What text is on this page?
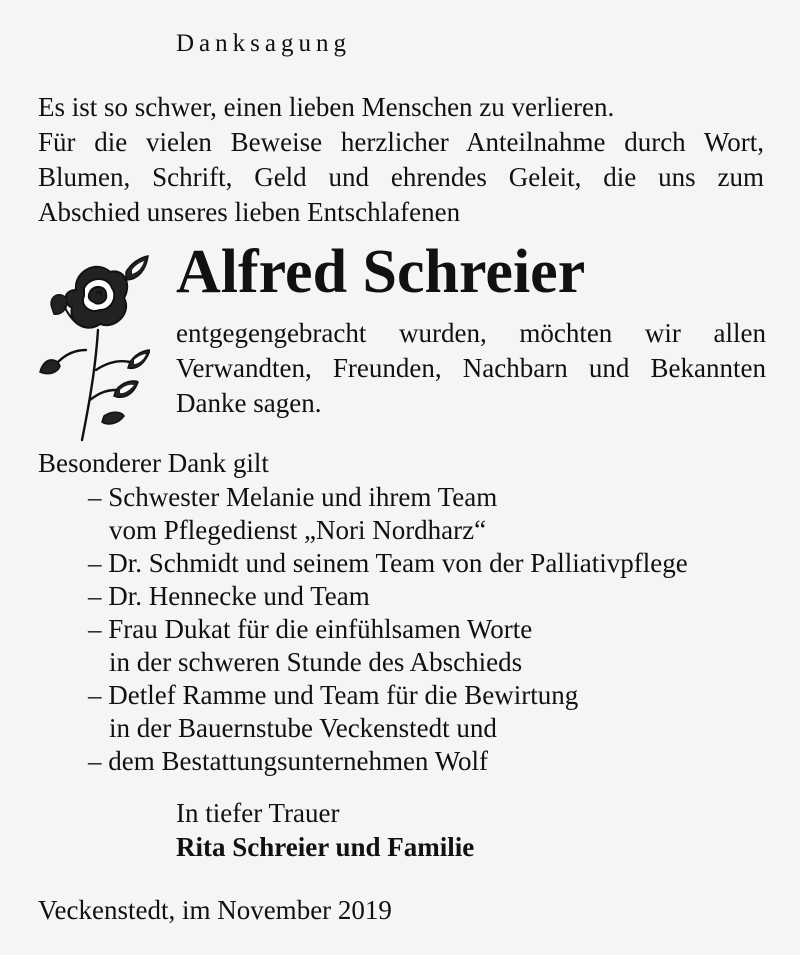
Danksagung
Es ist so schwer, einen lieben Menschen zu verlieren.
Für die vielen Beweise herzlicher Anteilnahme durch Wort,
Blumen, Schrift, Geld und ehrendes Geleit, die uns zum
Abschied unseres lieben Entschlafenen
Alfred Schreier
entgegengebracht wurden, möchten wir allen
Verwandten, Freunden, Nachbarn und Bekannten
Danke sagen.
Besonderer Dank gilt
– Schwester Melanie und ihrem Team
vom Pflegedienst „Nori Nordharz“
– Dr. Schmidt und seinem Team von der Palliativpflege
– Dr. Hennecke und Team
– Frau Dukat für die einfühlsamen Worte
in der schweren Stunde des Abschieds
– Detlef Ramme und Team für die Bewirtung
in der Bauernstube Veckenstedt und
– dem Bestattungsunternehmen Wolf
In tiefer Trauer
Rita Schreier und Familie
Veckenstedt, im November 2019
